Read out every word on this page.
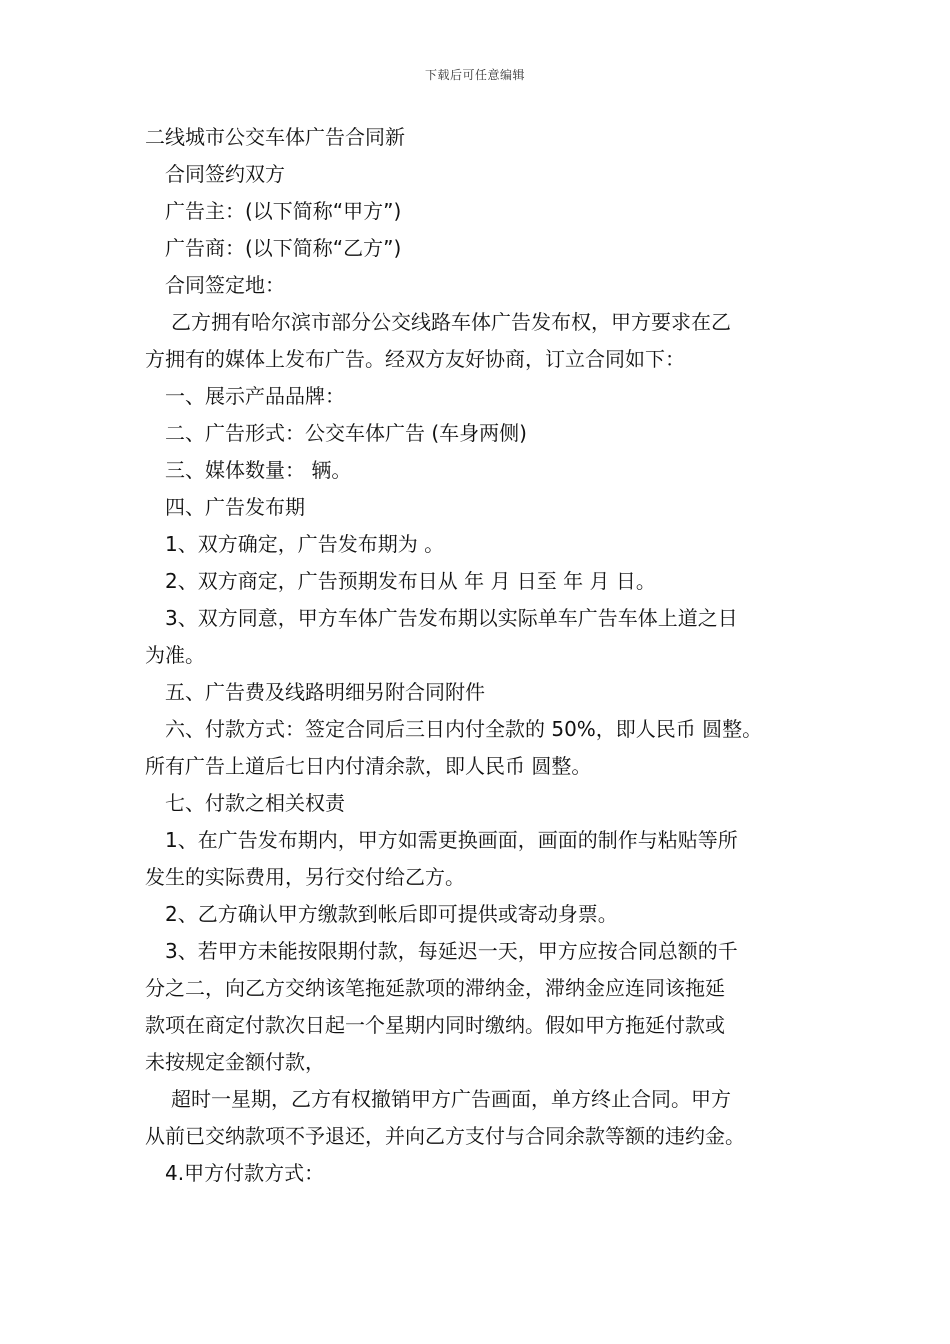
下载后可任意编辑
二线城市公交车体广告合同新
合同签约双方
广告主：(以下简称“甲方”)
广告商：(以下简称“乙方”)
合同签定地：
乙方拥有哈尔滨市部分公交线路车体广告发布权，甲方要求在乙
方拥有的媒体上发布广告。经双方友好协商，订立合同如下：
一、展示产品品牌：
二、广告形式：公交车体广告 (车身两侧)
三、媒体数量： 辆。
四、广告发布期
1、双方确定，广告发布期为 。
2、双方商定，广告预期发布日从 年 月 日至 年 月 日。
3、双方同意，甲方车体广告发布期以实际单车广告车体上道之日
为准。
五、广告费及线路明细另附合同附件
六、付款方式：签定合同后三日内付全款的 50%，即人民币 圆整。
所有广告上道后七日内付清余款，即人民币 圆整。
七、付款之相关权责
1、在广告发布期内，甲方如需更换画面，画面的制作与粘贴等所
发生的实际费用，另行交付给乙方。
2、乙方确认甲方缴款到帐后即可提供或寄动身票。
3、若甲方未能按限期付款，每延迟一天，甲方应按合同总额的千
分之二，向乙方交纳该笔拖延款项的滞纳金，滞纳金应连同该拖延
款项在商定付款次日起一个星期内同时缴纳。假如甲方拖延付款或
未按规定金额付款，
超时一星期，乙方有权撤销甲方广告画面，单方终止合同。甲方
从前已交纳款项不予退还，并向乙方支付与合同余款等额的违约金。
4.甲方付款方式：
